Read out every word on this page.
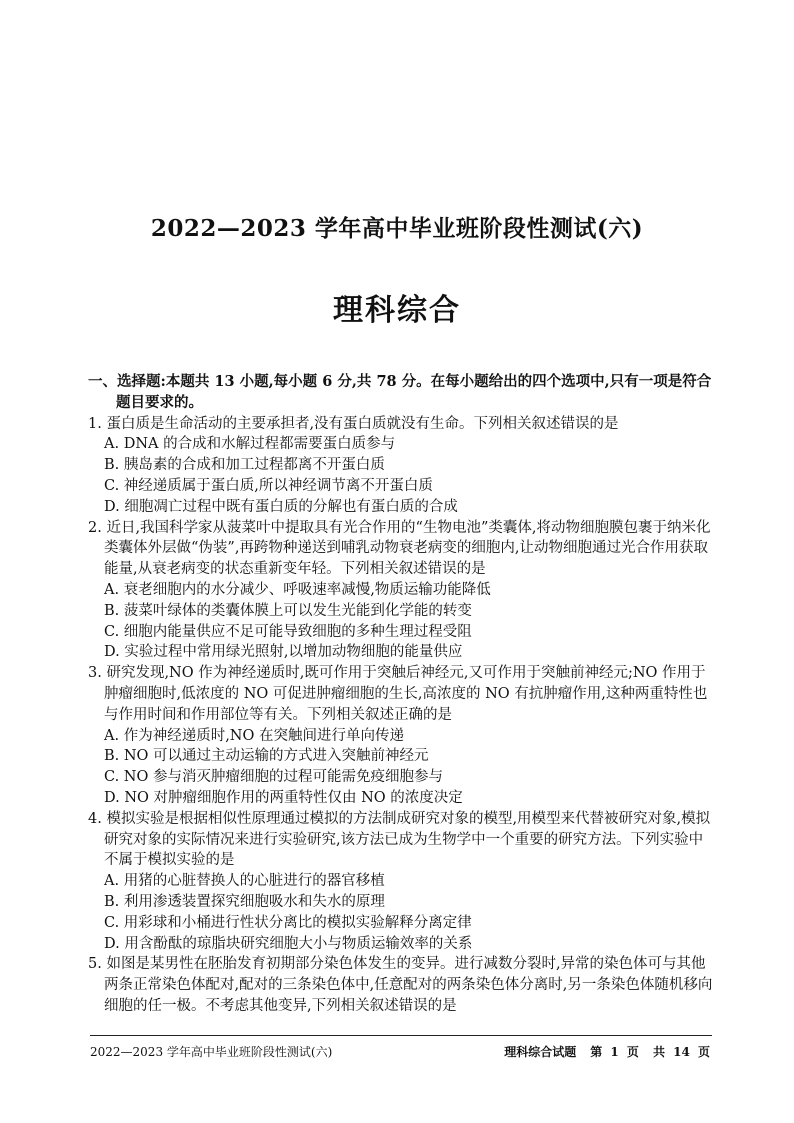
2022—2023 学年高中毕业班阶段性测试(六)
理科综合
一、选择题:本题共 13 小题,每小题 6 分,共 78 分。在每小题给出的四个选项中,只有一项是符合题目要求的。
1. 蛋白质是生命活动的主要承担者,没有蛋白质就没有生命。下列相关叙述错误的是
A. DNA 的合成和水解过程都需要蛋白质参与
B. 胰岛素的合成和加工过程都离不开蛋白质
C. 神经递质属于蛋白质,所以神经调节离不开蛋白质
D. 细胞凋亡过程中既有蛋白质的分解也有蛋白质的合成
2. 近日,我国科学家从菠菜叶中提取具有光合作用的“生物电池”类囊体,将动物细胞膜包裹于纳米化类囊体外层做“伪装”,再跨物种递送到哺乳动物衰老病变的细胞内,让动物细胞通过光合作用获取能量,从衰老病变的状态重新变年轻。下列相关叙述错误的是
A. 衰老细胞内的水分减少、呼吸速率减慢,物质运输功能降低
B. 菠菜叶绿体的类囊体膜上可以发生光能到化学能的转变
C. 细胞内能量供应不足可能导致细胞的多种生理过程受阻
D. 实验过程中常用绿光照射,以增加动物细胞的能量供应
3. 研究发现,NO 作为神经递质时,既可作用于突触后神经元,又可作用于突触前神经元;NO 作用于肿瘤细胞时,低浓度的 NO 可促进肿瘤细胞的生长,高浓度的 NO 有抗肿瘤作用,这种两重特性也与作用时间和作用部位等有关。下列相关叙述正确的是
A. 作为神经递质时,NO 在突触间进行单向传递
B. NO 可以通过主动运输的方式进入突触前神经元
C. NO 参与消灭肿瘤细胞的过程可能需免疫细胞参与
D. NO 对肿瘤细胞作用的两重特性仅由 NO 的浓度决定
4. 模拟实验是根据相似性原理通过模拟的方法制成研究对象的模型,用模型来代替被研究对象,模拟研究对象的实际情况来进行实验研究,该方法已成为生物学中一个重要的研究方法。下列实验中不属于模拟实验的是
A. 用猪的心脏替换人的心脏进行的器官移植
B. 利用渗透装置探究细胞吸水和失水的原理
C. 用彩球和小桶进行性状分离比的模拟实验解释分离定律
D. 用含酚酞的琼脂块研究细胞大小与物质运输效率的关系
5. 如图是某男性在胚胎发育初期部分染色体发生的变异。进行减数分裂时,异常的染色体可与其他两条正常染色体配对,配对的三条染色体中,任意配对的两条染色体分离时,另一条染色体随机移向细胞的任一极。不考虑其他变异,下列相关叙述错误的是
2022—2023 学年高中毕业班阶段性测试(六)	理科综合试题 第 1 页 共 14 页
